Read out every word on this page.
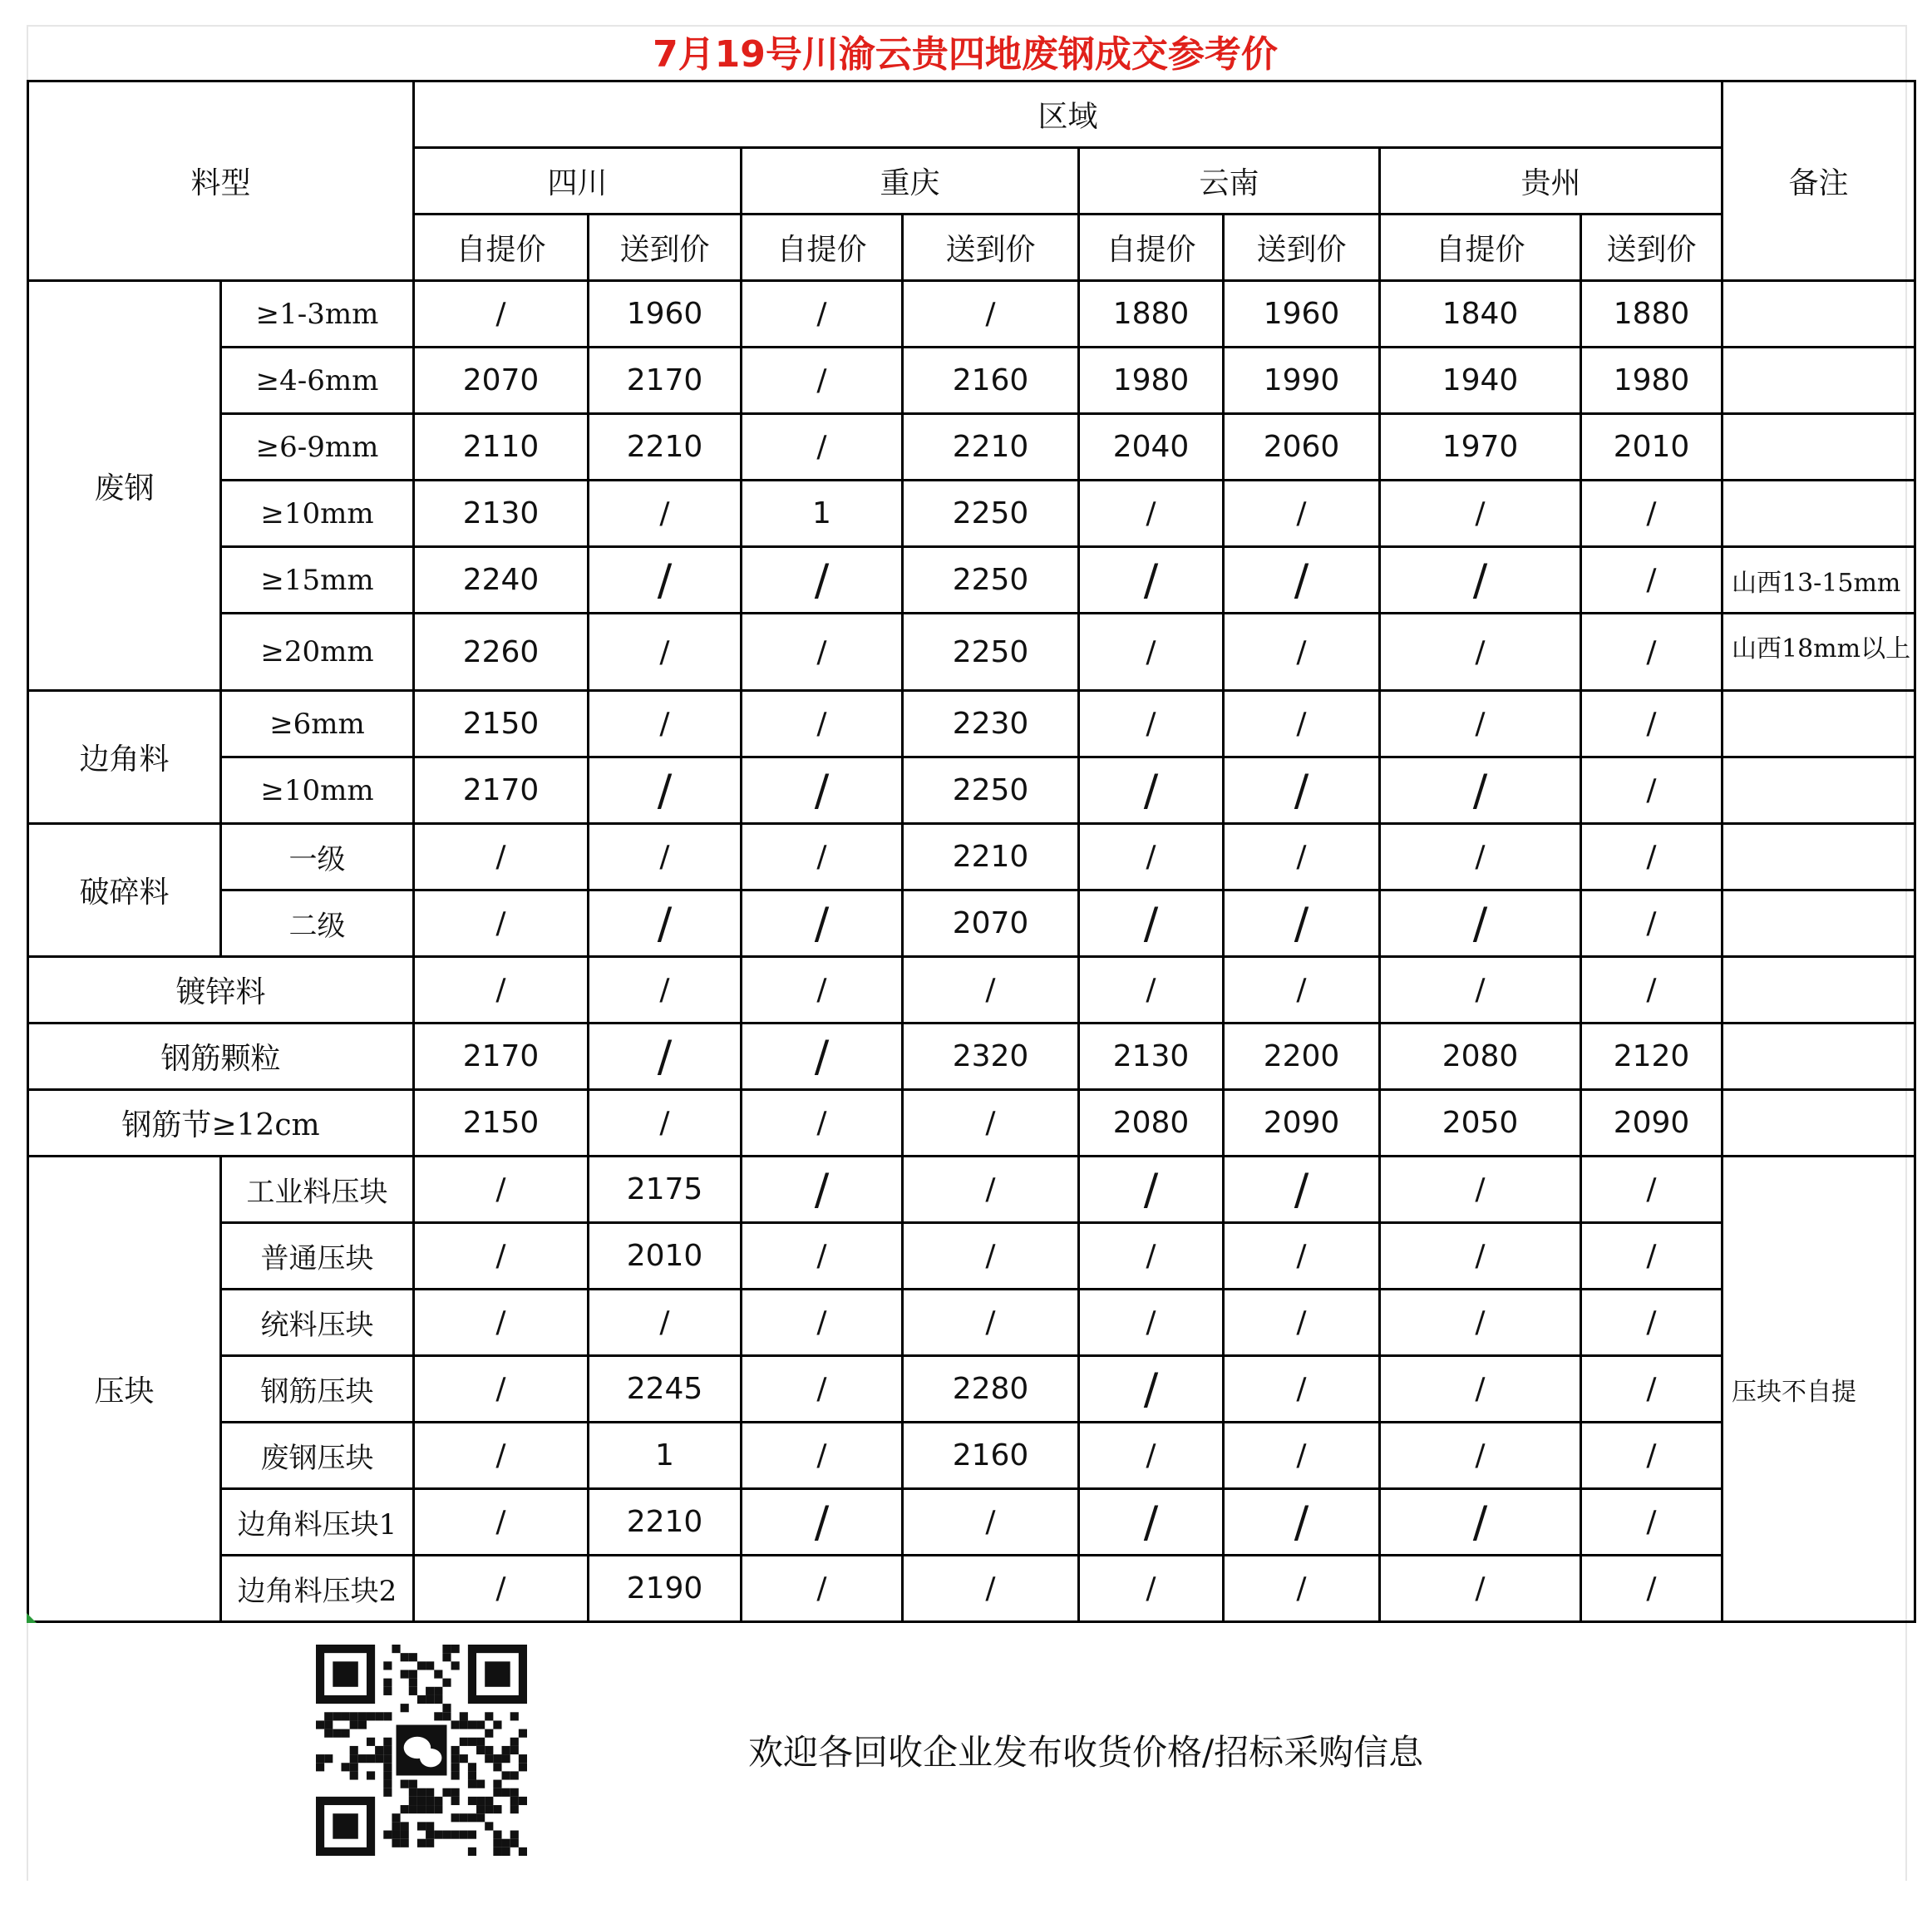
7月19号川渝云贵四地废钢成交参考价
料型		区域								备注
		四川		重庆		云南		贵州		
		自提价	送到价	自提价	送到价	自提价	送到价	自提价	送到价	
废钢	≥1-3mm	/	1960	/	/	1880	1960	1840	1880	
	≥4-6mm	2070	2170	/	2160	1980	1990	1940	1980	
	≥6-9mm	2110	2210	/	2210	2040	2060	1970	2010	
	≥10mm	2130	/	1	2250	/	/	/	/	
	≥15mm	2240	/	/	2250	/	/	/	/	山西13-15mm
	≥20mm	2260	/	/	2250	/	/	/	/	山西18mm以上
边角料	≥6mm	2150	/	/	2230	/	/	/	/	
	≥10mm	2170	/	/	2250	/	/	/	/	
破碎料	一级	/	/	/	2210	/	/	/	/	
	二级	/	/	/	2070	/	/	/	/	
镀锌料		/	/	/	/	/	/	/	/	
钢筋颗粒		2170	/	/	2320	2130	2200	2080	2120	
钢筋节≥12cm		2150	/	/	/	2080	2090	2050	2090	
压块	工业料压块	/	2175	/	/	/	/	/	/	压块不自提
	普通压块	/	2010	/	/	/	/	/	/	
	统料压块	/	/	/	/	/	/	/	/	
	钢筋压块	/	2245	/	2280	/	/	/	/	
	废钢压块	/	1	/	2160	/	/	/	/	
	边角料压块1	/	2210	/	/	/	/	/	/	
	边角料压块2	/	2190	/	/	/	/	/	/	
欢迎各回收企业发布收货价格/招标采购信息
